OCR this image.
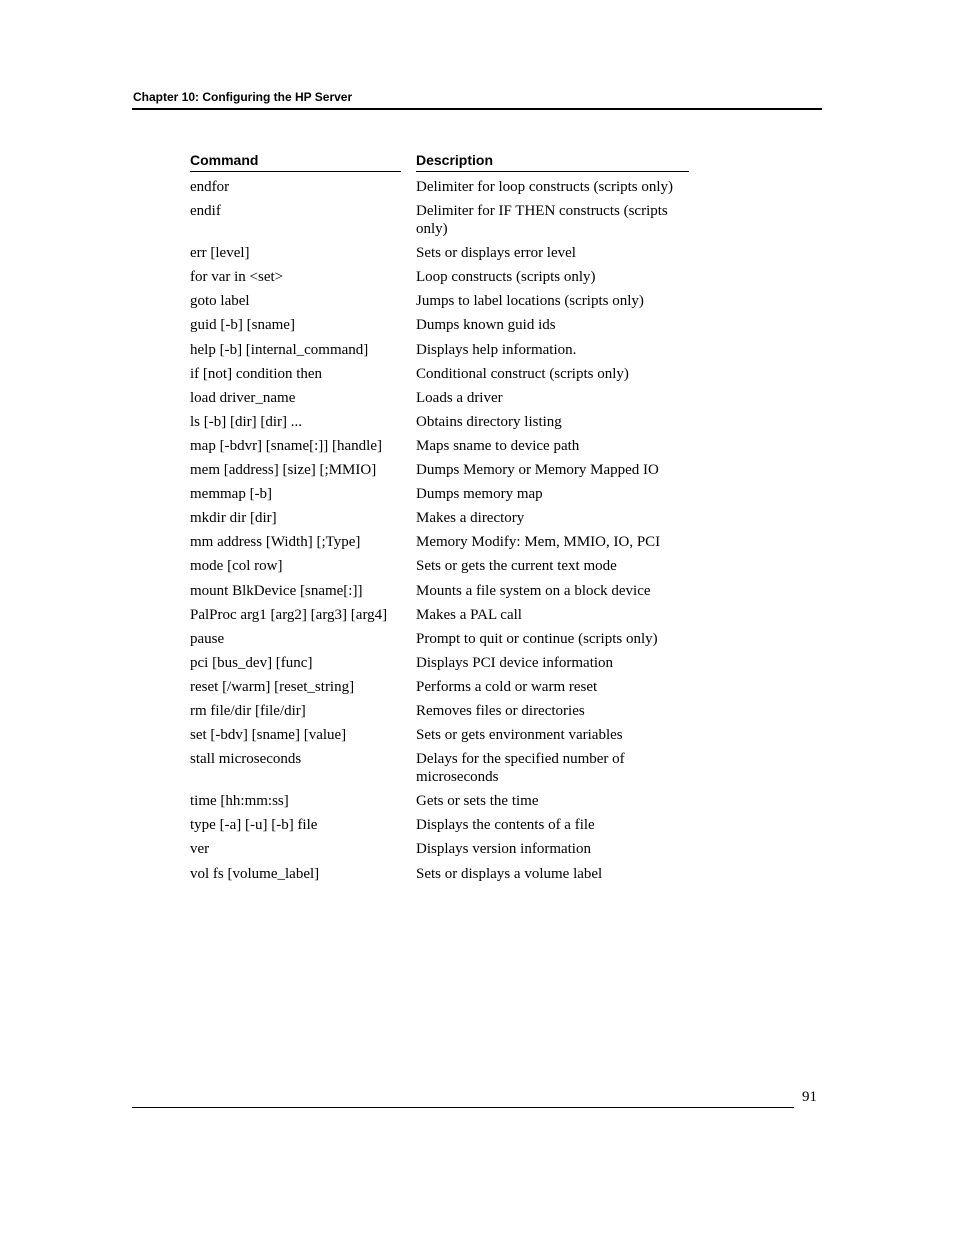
Chapter 10: Configuring the HP Server
Command	Description
endfor	Delimiter for loop constructs (scripts only)
endif	Delimiter for IF THEN constructs (scripts only)
err [level]	Sets or displays error level
for var in <set>	Loop constructs (scripts only)
goto label	Jumps to label locations (scripts only)
guid [-b] [sname]	Dumps known guid ids
help [-b] [internal_command]	Displays help information.
if [not] condition then	Conditional construct (scripts only)
load driver_name	Loads a driver
ls [-b] [dir] [dir] ...	Obtains directory listing
map [-bdvr] [sname[:]] [handle]	Maps sname to device path
mem [address] [size] [;MMIO]	Dumps Memory or Memory Mapped IO
memmap [-b]	Dumps memory map
mkdir dir [dir]	Makes a directory
mm address [Width] [;Type]	Memory Modify: Mem, MMIO, IO, PCI
mode [col row]	Sets or gets the current text mode
mount BlkDevice [sname[:]]	Mounts a file system on a block device
PalProc arg1 [arg2] [arg3] [arg4]	Makes a PAL call
pause	Prompt to quit or continue (scripts only)
pci [bus_dev] [func]	Displays PCI device information
reset [/warm] [reset_string]	Performs a cold or warm reset
rm file/dir [file/dir]	Removes files or directories
set [-bdv] [sname] [value]	Sets or gets environment variables
stall microseconds	Delays for the specified number of microseconds
time [hh:mm:ss]	Gets or sets the time
type [-a] [-u] [-b] file	Displays the contents of a file
ver	Displays version information
vol fs [volume_label]	Sets or displays a volume label
91
